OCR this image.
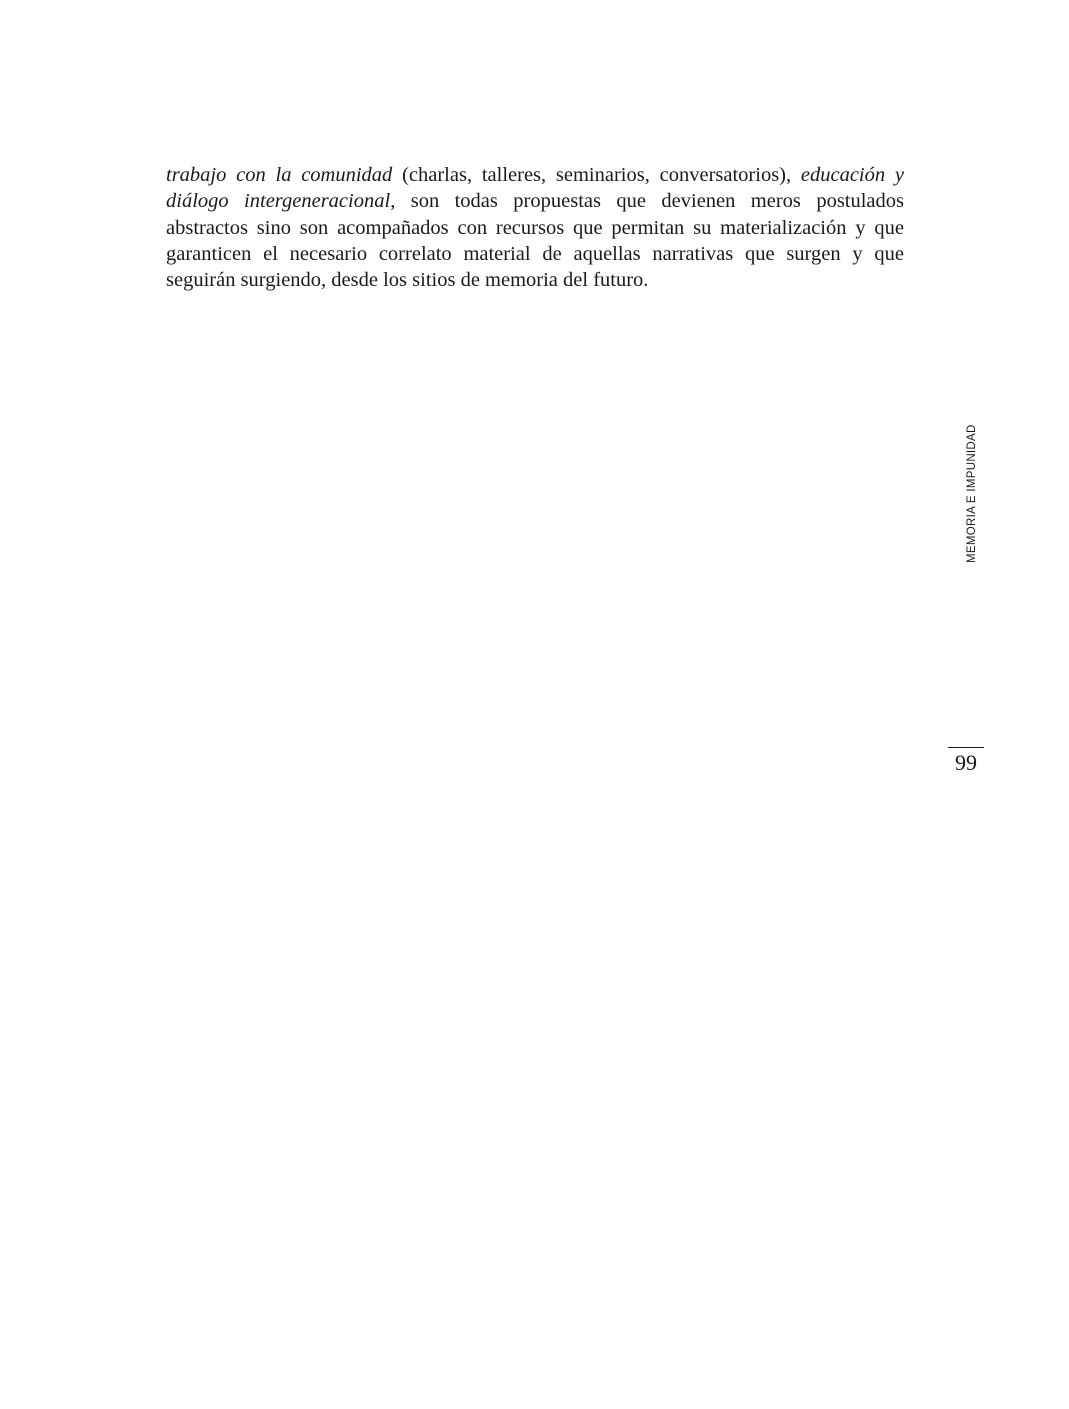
trabajo con la comunidad (charlas, talleres, seminarios, conversatorios), educación y diálogo intergeneracional, son todas propuestas que devienen meros postulados abstractos sino son acompañados con recursos que permitan su materialización y que garanticen el necesario correlato material de aquellas narrativas que surgen y que seguirán surgiendo, desde los sitios de memoria del futuro.

MEMORIA E IMPUNIDAD
99
